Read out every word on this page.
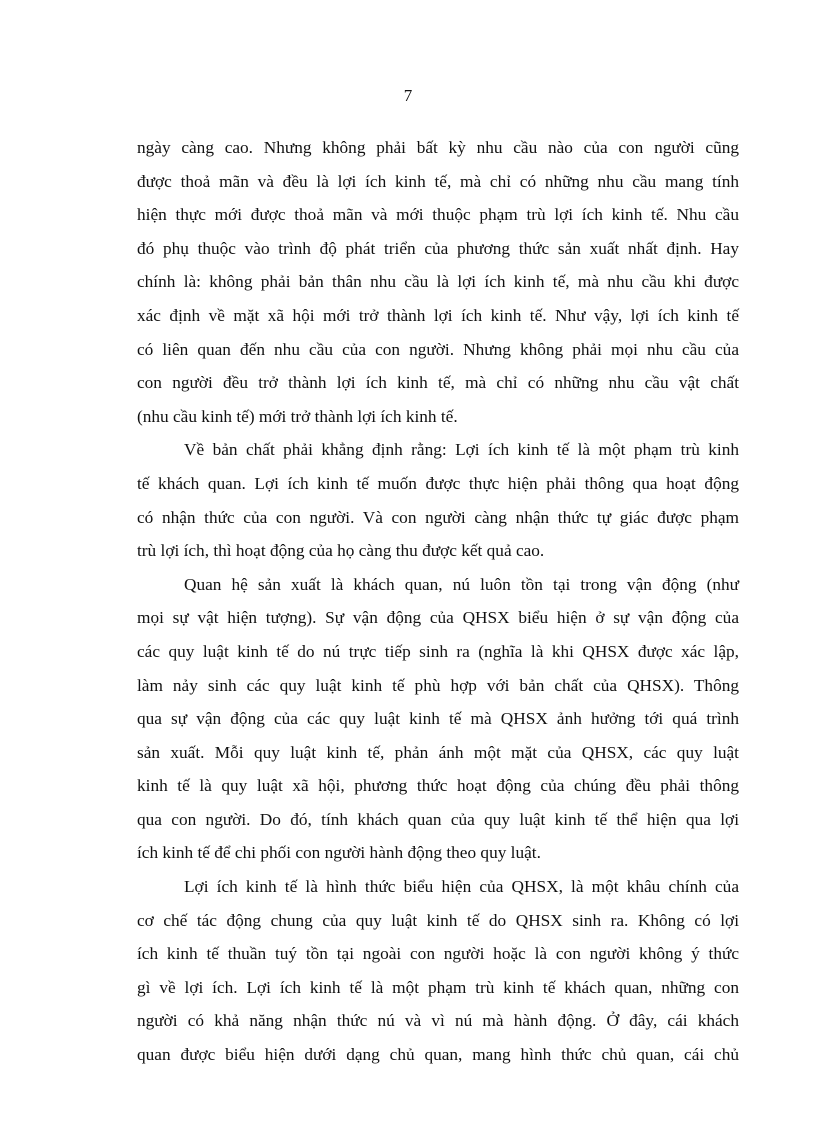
7
ngày càng cao. Nhưng không phải bất kỳ nhu cầu nào của con người cũng
được thoả mãn và đều là lợi ích kinh tế, mà chỉ có những nhu cầu mang tính
hiện thực mới được thoả mãn và mới thuộc phạm trù lợi ích kinh tế. Nhu cầu
đó phụ thuộc vào trình độ phát triển của phương thức sản xuất nhất định. Hay
chính là: không phải bản thân nhu cầu là lợi ích kinh tế, mà nhu cầu khi được
xác định về mặt xã hội mới trở thành lợi ích kinh tế. Như vậy, lợi ích kinh tế
có liên quan đến nhu cầu của con người. Nhưng không phải mọi nhu cầu của
con người đều trở thành lợi ích kinh tế, mà chỉ có những nhu cầu vật chất
(nhu cầu kinh tế) mới trở thành lợi ích kinh tế.
Về bản chất phải khẳng định rằng: Lợi ích kinh tế là một phạm trù kinh
tế khách quan. Lợi ích kinh tế muốn được thực hiện phải thông qua hoạt động
có nhận thức của con người. Và con người càng nhận thức tự giác được phạm
trù lợi ích, thì hoạt động của họ càng thu được kết quả cao.
Quan hệ sản xuất là khách quan, nú luôn tồn tại trong vận động (như
mọi sự vật hiện tượng). Sự vận động của QHSX biểu hiện ở sự vận động của
các quy luật kinh tế do nú trực tiếp sinh ra (nghĩa là khi QHSX được xác lập,
làm nảy sinh các quy luật kinh tế phù hợp với bản chất của QHSX). Thông
qua sự vận động của các quy luật kinh tế mà QHSX ảnh hưởng tới quá trình
sản xuất. Mỗi quy luật kinh tế, phản ánh một mặt của QHSX, các quy luật
kinh tế là quy luật xã hội, phương thức hoạt động của chúng đều phải thông
qua con người. Do đó, tính khách quan của quy luật kinh tế thể hiện qua lợi
ích kinh tế để chi phối con người hành động theo quy luật.
Lợi ích kinh tế là hình thức biểu hiện của QHSX, là một khâu chính của
cơ chế tác động chung của quy luật kinh tế do QHSX sinh ra. Không có lợi
ích kinh tế thuần tuý tồn tại ngoài con người hoặc là con người không ý thức
gì về lợi ích. Lợi ích kinh tế là một phạm trù kinh tế khách quan, những con
người có khả năng nhận thức nú và vì nú mà hành động. Ở đây, cái khách
quan được biểu hiện dưới dạng chủ quan, mang hình thức chủ quan, cái chủ
